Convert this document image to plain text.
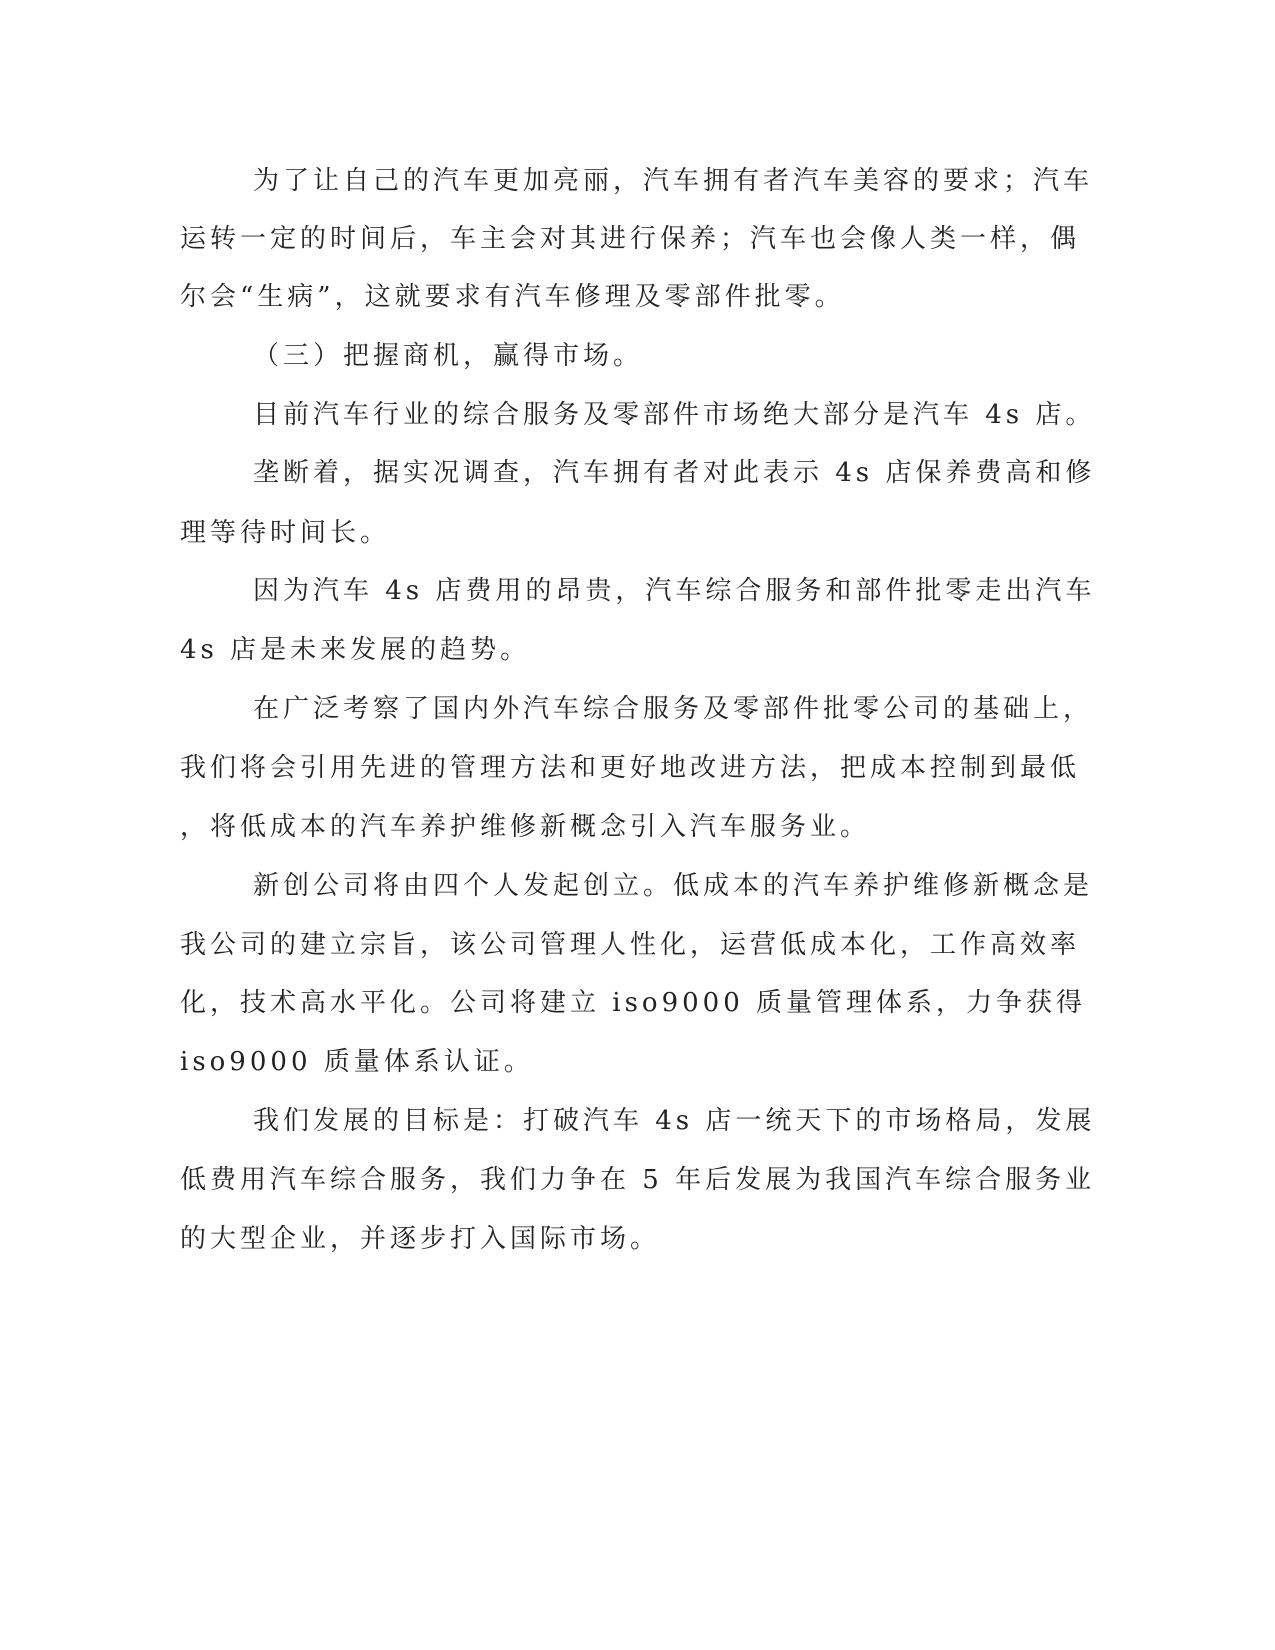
为了让自己的汽车更加亮丽，汽车拥有者汽车美容的要求；汽车

运转一定的时间后，车主会对其进行保养；汽车也会像人类一样，偶

尔会“生病”，这就要求有汽车修理及零部件批零。

（三）把握商机，赢得市场。

目前汽车行业的综合服务及零部件市场绝大部分是汽车 4s 店。

垄断着，据实况调查，汽车拥有者对此表示 4s 店保养费高和修

理等待时间长。

因为汽车 4s 店费用的昂贵，汽车综合服务和部件批零走出汽车

4s 店是未来发展的趋势。

在广泛考察了国内外汽车综合服务及零部件批零公司的基础上，

我们将会引用先进的管理方法和更好地改进方法，把成本控制到最低

，将低成本的汽车养护维修新概念引入汽车服务业。

新创公司将由四个人发起创立。低成本的汽车养护维修新概念是

我公司的建立宗旨，该公司管理人性化，运营低成本化，工作高效率

化，技术高水平化。公司将建立 iso9000 质量管理体系，力争获得

iso9000 质量体系认证。

我们发展的目标是：打破汽车 4s 店一统天下的市场格局，发展

低费用汽车综合服务，我们力争在 5 年后发展为我国汽车综合服务业

的大型企业，并逐步打入国际市场。
